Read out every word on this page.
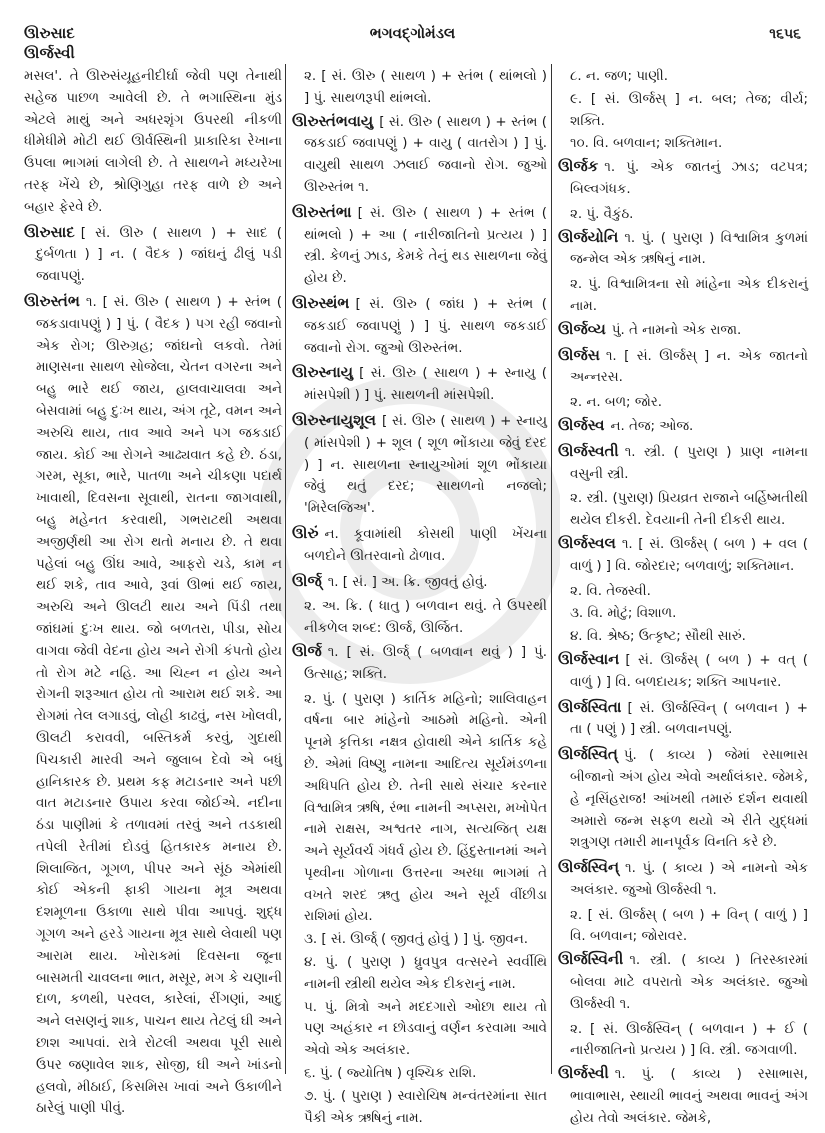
ઊરુસાદ
ઊર્જસ્વી
ભગવદ્ગોમંડલ	૧૬૫૬

મસલ'. તે ઊરુસંયૂહનીદીર્ઘા જેવી પણ તેનાથી સહેજ પાછળ આવેલી છે. તે ભગાસ્થિના મુંડ એટલે માથું અને અધરશૃંગ ઉપરથી નીકળી ધીમેધીમે મોટી થઈ ઊર્વસ્થિની પ્રાકારિકા રેખાના ઉપલા ભાગમાં લાગેલી છે. તે સાથળને મધ્યરેખા તરફ ખેંચે છે, શ્રોણિગુહા તરફ વાળે છે અને બહાર ફેરવે છે.

ઊરુસાદ [ સં. ઊરુ ( સાથળ ) + સાદ ( દુર્બળતા ) ] ન. ( વૈદક ) જાંઘનું ઢીલું પડી જવાપણું.

ઊરુસ્તંભ ૧. [ સં. ઊરુ ( સાથળ ) + સ્તંભ ( જકડાવાપણું ) ] પું. ( વૈદક ) પગ રહી જવાનો એક રોગ; ઊરુગ્રહ; જાંઘનો લકવો. તેમાં માણસના સાથળ સોજેલા, ચેતન વગરના અને બહુ ભારે થઈ જાય, હાલવાચાલવા અને બેસવામાં બહુ દુઃખ થાય, અંગ તૂટે, વમન અને અરુચિ થાય, તાવ આવે અને પગ જકડાઈ જાય. કોઈ આ રોગને આઢ્યવાત કહે છે. ઠંડા, ગરમ, સૂકા, ભારે, પાતળા અને ચીકણા પદાર્થ ખાવાથી, દિવસના સૂવાથી, રાતના જાગવાથી, બહુ મહેનત કરવાથી, ગભરાટથી અથવા અજીર્ણથી આ રોગ થતો મનાય છે. તે થવા પહેલાં બહુ ઊંઘ આવે, આફરો ચડે, કામ ન થઈ શકે, તાવ આવે, રૂવાં ઊભાં થઈ જાય, અરુચિ અને ઊલટી થાય અને પિંડી તથા જાંઘમાં દુઃખ થાય. જો બળતરા, પીડા, સોય વાગવા જેવી વેદના હોય અને રોગી કંપતો હોય તો રોગ મટે નહિ. આ ચિહ્ન ન હોય અને રોગની શરૂઆત હોય તો આરામ થઈ શકે. આ રોગમાં તેલ લગાડવું, લોહી કાઢવું, નસ ખોલવી, ઊલટી કરાવવી, બસ્તિકર્મ કરવું, ગુદાથી પિચકારી મારવી અને જુલાબ દેવો એ બધું હાનિકારક છે. પ્રથમ કફ મટાડનાર અને પછી વાત મટાડનાર ઉપાય કરવા જોઈએ. નદીના ઠંડા પાણીમાં કે તળાવમાં તરવું અને તડકાથી તપેલી રેતીમાં દોડવું હિતકારક મનાય છે. શિલાજિત, ગૂગળ, પીપર અને સૂંઠ એમાંથી કોઈ એકની ફાકી ગાયના મૂત્ર અથવા દશમૂળના ઉકાળા સાથે પીવા આપવું. શુદ્ધ ગૂગળ અને હરડે ગાયના મૂત્ર સાથે લેવાથી પણ આરામ થાય. ખોરાકમાં દિવસના જૂના બાસમતી ચાવલના ભાત, મસૂર, મગ કે ચણાની દાળ, કળથી, પરવલ, કારેલાં, રીંગણાં, આદુ અને લસણનું શાક, પાચન થાય તેટલું ઘી અને છાશ આપવાં. રાત્રે રોટલી અથવા પૂરી સાથે ઉપર જણાવેલ શાક, સોજી, ઘી અને ખાંડનો હલવો, મીઠાઈ, કિસમિસ ખાવાં અને ઉકાળીને ઠારેલું પાણી પીવું.

૨. [ સં. ઊરુ ( સાથળ ) + સ્તંભ ( થાંભલો ) ] પું. સાથળરૂપી થાંભલો.

ઊરુસ્તંભવાયુ [ સં. ઊરુ ( સાથળ ) + સ્તંભ ( જકડાઈ જવાપણું ) + વાયુ ( વાતરોગ ) ] પું. વાયુથી સાથળ ઝલાઈ જવાનો રોગ. જુઓ ઊરુસ્તંભ ૧.

ઊરુસ્તંભા [ સં. ઊરુ ( સાથળ ) + સ્તંભ ( થાંભલો ) + આ ( નારીજાતિનો પ્રત્યય ) ] સ્ત્રી. કેળનું ઝાડ, કેમકે તેનું થડ સાથળના જેવું હોય છે.

ઊરુસ્થંભ [ સં. ઊરુ ( જાંઘ ) + સ્તંભ ( જકડાઈ જવાપણું ) ] પું. સાથળ જકડાઈ જવાનો રોગ. જુઓ ઊરુસ્તંભ.

ઊરુસ્નાયુ [ સં. ઊરુ ( સાથળ ) + સ્નાયુ ( માંસપેશી ) ] પું. સાથળની માંસપેશી.

ઊરુસ્નાયુશૂલ [ સં. ઊરુ ( સાથળ ) + સ્નાયુ ( માંસપેશી ) + શૂલ ( શૂળ ભોંકાયા જેવું દરદ ) ] ન. સાથળના સ્નાયુઓમાં શૂળ ભોંકાયા જેવું થતું દરદ; સાથળનો નજલો; 'મિરેલજિઅ'.

ઊરું ન. કૂવામાંથી કોસથી પાણી ખેંચના બળદોને ઊતરવાનો ઢોળાવ.

ઊર્જ્ ૧. [ સં. ] અ. ક્રિ. જીવતું હોવું.

૨. અ. ક્રિ. ( ધાતુ ) બળવાન થવું. તે ઉપરથી નીકળેલ શબ્દ: ઊર્જ, ઊર્જિત.

ઊર્જ ૧. [ સં. ઊર્જ્ ( બળવાન થવું ) ] પું. ઉત્સાહ; શક્તિ.

૨. પું. ( પુરાણ ) કાર્તિક મહિનો; શાલિવાહન વર્ષના બાર માંહેનો આઠમો મહિનો. એની પૂનમે કૃત્તિકા નક્ષત્ર હોવાથી એને કાર્તિક કહે છે. એમાં વિષ્ણુ નામના આદિત્ય સૂર્યમંડળના અધિપતિ હોય છે. તેની સાથે સંચાર કરનાર વિશ્વામિત્ર ઋષિ, રંભા નામની અપ્સરા, મખોપેત નામે રાક્ષસ, અશ્વતર નાગ, સત્યજિત્ યક્ષ અને સૂર્યવર્ચ ગંધર્વ હોય છે. હિંદુસ્તાનમાં અને પૃથ્વીના ગોળાના ઉત્તરના અરધા ભાગમાં તે વખતે શરદ ઋતુ હોય અને સૂર્ય વીંછીડા રાશિમાં હોય.

૩. [ સં. ઊર્જ્ ( જીવતું હોવું ) ] પું. જીવન.

૪. પું. ( પુરાણ ) ધ્રુવપુત્ર વત્સરને સ્વર્વીથિ નામની સ્ત્રીથી થયેલ એક દીકરાનું નામ.

૫. પું. મિત્રો અને મદદગારો ઓછા થાય તો પણ અહંકાર ન છોડવાનું વર્ણન કરવામા આવે એવો એક અલંકાર.

૬. પું. ( જ્યોતિષ ) વૃશ્ચિક રાશિ.

૭. પું. ( પુરાણ ) સ્વારોચિષ મન્વંતરમાંના સાત પૈકી એક ઋષિનું નામ.

૮. ન. જળ; પાણી.

૯. [ સં. ઊર્જસ્ ] ન. બલ; તેજ; વીર્ય; શક્તિ.

૧૦. વિ. બળવાન; શક્તિમાન.

ઊર્જક ૧. પું. એક જાતનું ઝાડ; વટપત્ર; બિલ્વગંધક.

૨. પું. વૈકુંઠ.

ઊર્જયોનિ ૧. પું. ( પુરાણ ) વિશ્વામિત્ર કુળમાં જન્મેલ એક ઋષિનું નામ.

૨. પું. વિશ્વામિત્રના સો માંહેના એક દીકરાનું નામ.

ઊર્જવ્ય પું. તે નામનો એક રાજા.

ઊર્જસ ૧. [ સં. ઊર્જસ્ ] ન. એક જાતનો અન્નરસ.

૨. ન. બળ; જોર.

ઊર્જસ્વ ન. તેજ; ઓજ.

ઊર્જસ્વતી ૧. સ્ત્રી. ( પુરાણ ) પ્રાણ નામના વસુની સ્ત્રી.

૨. સ્ત્રી. (પુરાણ) પ્રિયવ્રત રાજાને બર્હિષ્મતીથી થયેલ દીકરી. દેવયાની તેની દીકરી થાય.

ઊર્જસ્વલ ૧. [ સં. ઊર્જસ્ ( બળ ) + વલ ( વાળું ) ] વિ. જોરદાર; બળવાળું; શક્તિમાન.

૨. વિ. તેજસ્વી.

૩. વિ. મોટું; વિશાળ.

૪. વિ. શ્રેષ્ઠ; ઉત્કૃષ્ટ; સૌથી સારું.

ઊર્જસ્વાન [ સં. ઊર્જસ્ ( બળ ) + વત્ ( વાળું ) ] વિ. બળદાયક; શક્તિ આપનાર.

ઊર્જસ્વિતા [ સં. ઊર્જસ્વિન્ ( બળવાન ) + તા ( પણું ) ] સ્ત્રી. બળવાનપણું.

ઊર્જસ્વિત્ પું. ( કાવ્ય ) જેમાં રસાભાસ બીજાનો અંગ હોય એવો અર્થાલંકાર. જેમકે, હે નૃસિંહરાજ! આંખથી તમારું દર્શન થવાથી અમારો જન્મ સફળ થયો એ રીતે યુદ્ધમાં શત્રુગણ તમારી માનપૂર્વક વિનતિ કરે છે.

ઊર્જસ્વિન્ ૧. પું. ( કાવ્ય ) એ નામનો એક અલંકાર. જુઓ ઊર્જસ્વી ૧.

૨. [ સં. ઊર્જસ્ ( બળ ) + વિન્ ( વાળું ) ] વિ. બળવાન; જોરાવર.

ઊર્જસ્વિની ૧. સ્ત્રી. ( કાવ્ય ) તિરસ્કારમાં બોલવા માટે વપરાતો એક અલંકાર. જુઓ ઊર્જસ્વી ૧.

૨. [ સં. ઊર્જસ્વિન્ ( બળવાન ) + ઈ ( નારીજાતિનો પ્રત્યય ) ] વિ. સ્ત્રી. જગવાળી.

ઊર્જસ્વી ૧. પું. ( કાવ્ય ) રસાભાસ, ભાવાભાસ, સ્થાયી ભાવનું અથવા ભાવનું અંગ હોય તેવો અલંકાર. જેમકે,
